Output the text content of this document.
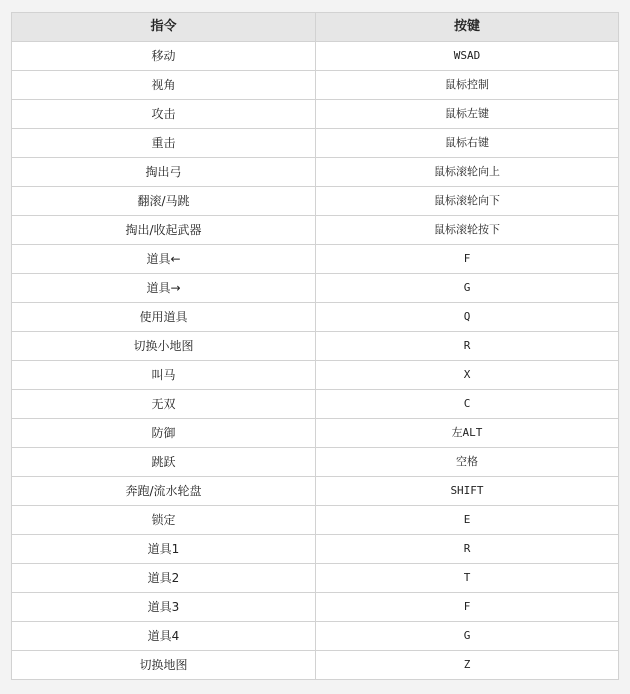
指令	按键
移动	WSAD
视角	鼠标控制
攻击	鼠标左键
重击	鼠标右键
掏出弓	鼠标滚轮向上
翻滚/马跳	鼠标滚轮向下
掏出/收起武器	鼠标滚轮按下
道具←	F
道具→	G
使用道具	Q
切换小地图	R
叫马	X
无双	C
防御	左ALT
跳跃	空格
奔跑/流水轮盘	SHIFT
锁定	E
道具1	R
道具2	T
道具3	F
道具4	G
切换地图	Z
